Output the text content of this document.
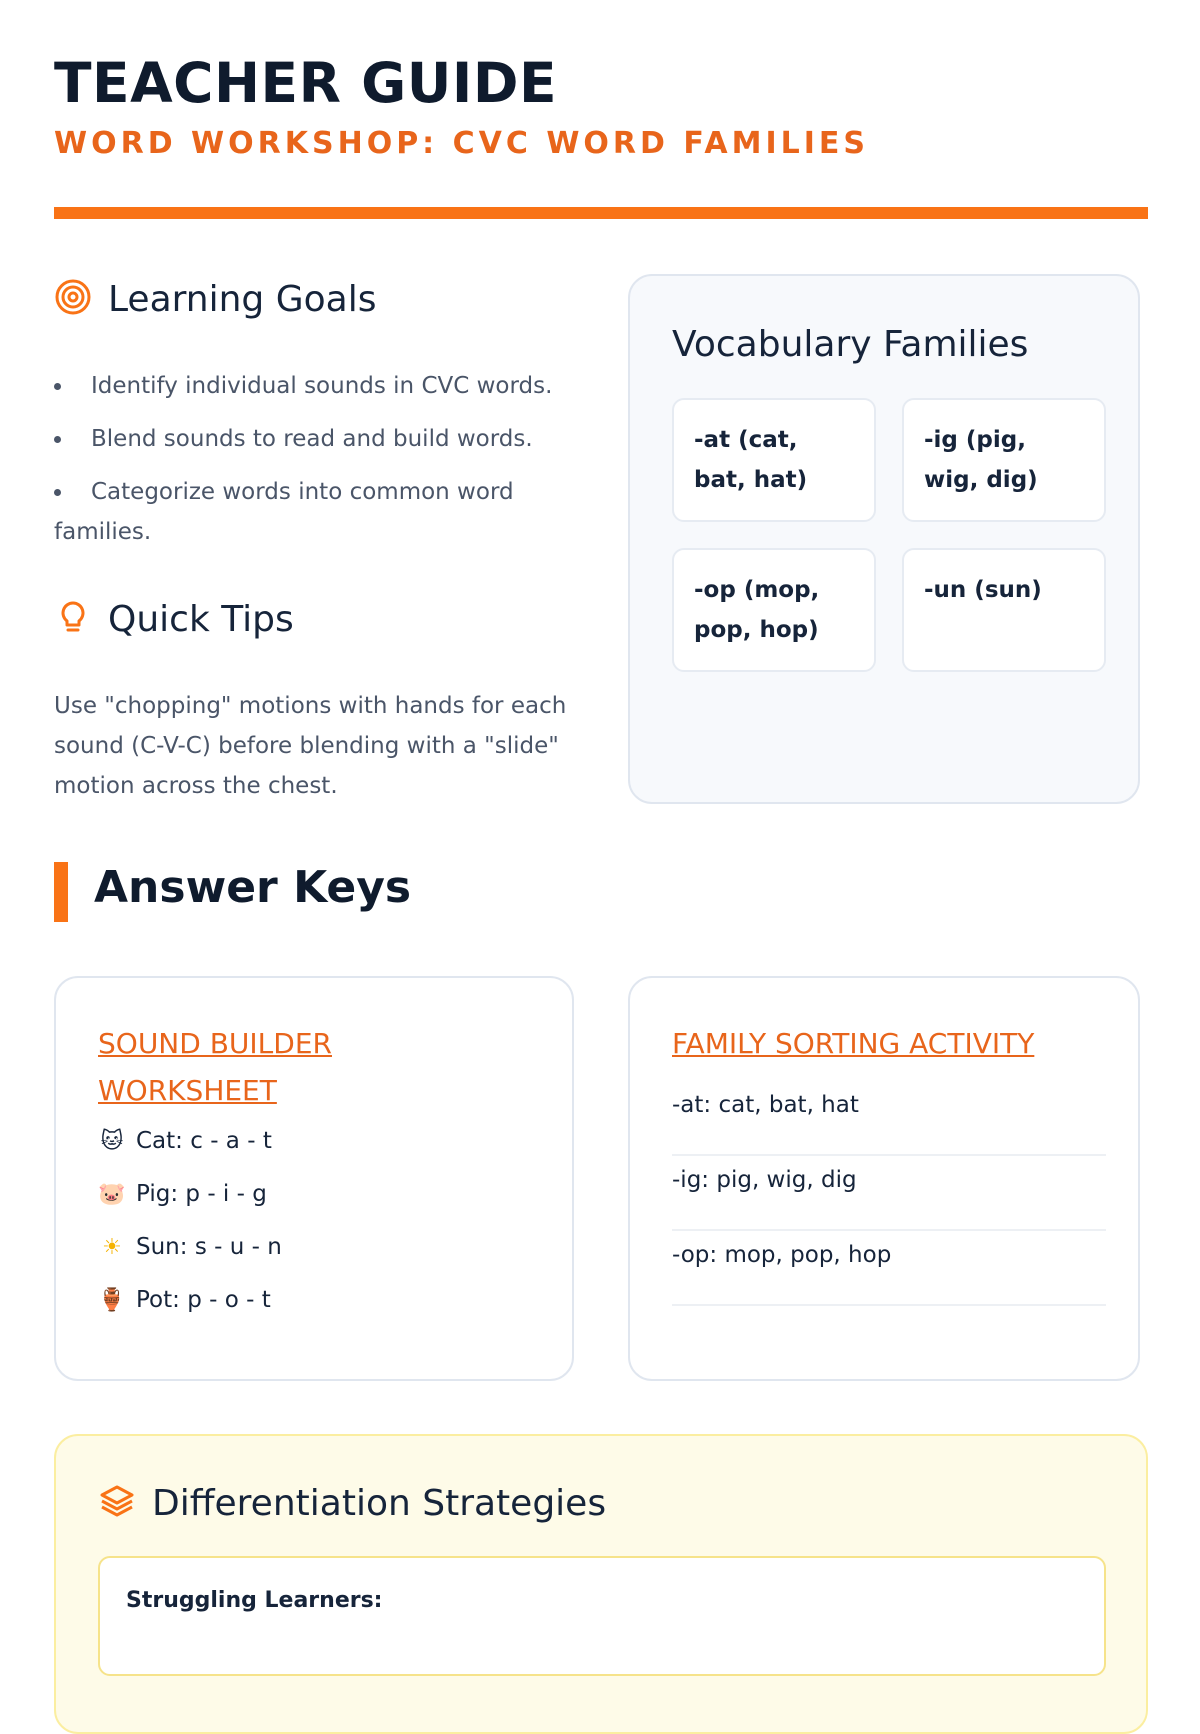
TEACHER GUIDE
WORD WORKSHOP: CVC WORD FAMILIES
Learning Goals
Identify individual sounds in CVC words.
Blend sounds to read and build words.
Categorize words into common word families.
Quick Tips
Use "chopping" motions with hands for each sound (C-V-C) before blending with a "slide" motion across the chest.
Vocabulary Families
-at (cat, bat, hat)
-ig (pig, wig, dig)
-op (mop, pop, hop)
-un (sun)
Answer Keys
SOUND BUILDER WORKSHEET
🐱 Cat: c - a - t
🐷 Pig: p - i - g
☀ Sun: s - u - n
🏺 Pot: p - o - t
FAMILY SORTING ACTIVITY
-at: cat, bat, hat
-ig: pig, wig, dig
-op: mop, pop, hop
Differentiation Strategies
Struggling Learners:
